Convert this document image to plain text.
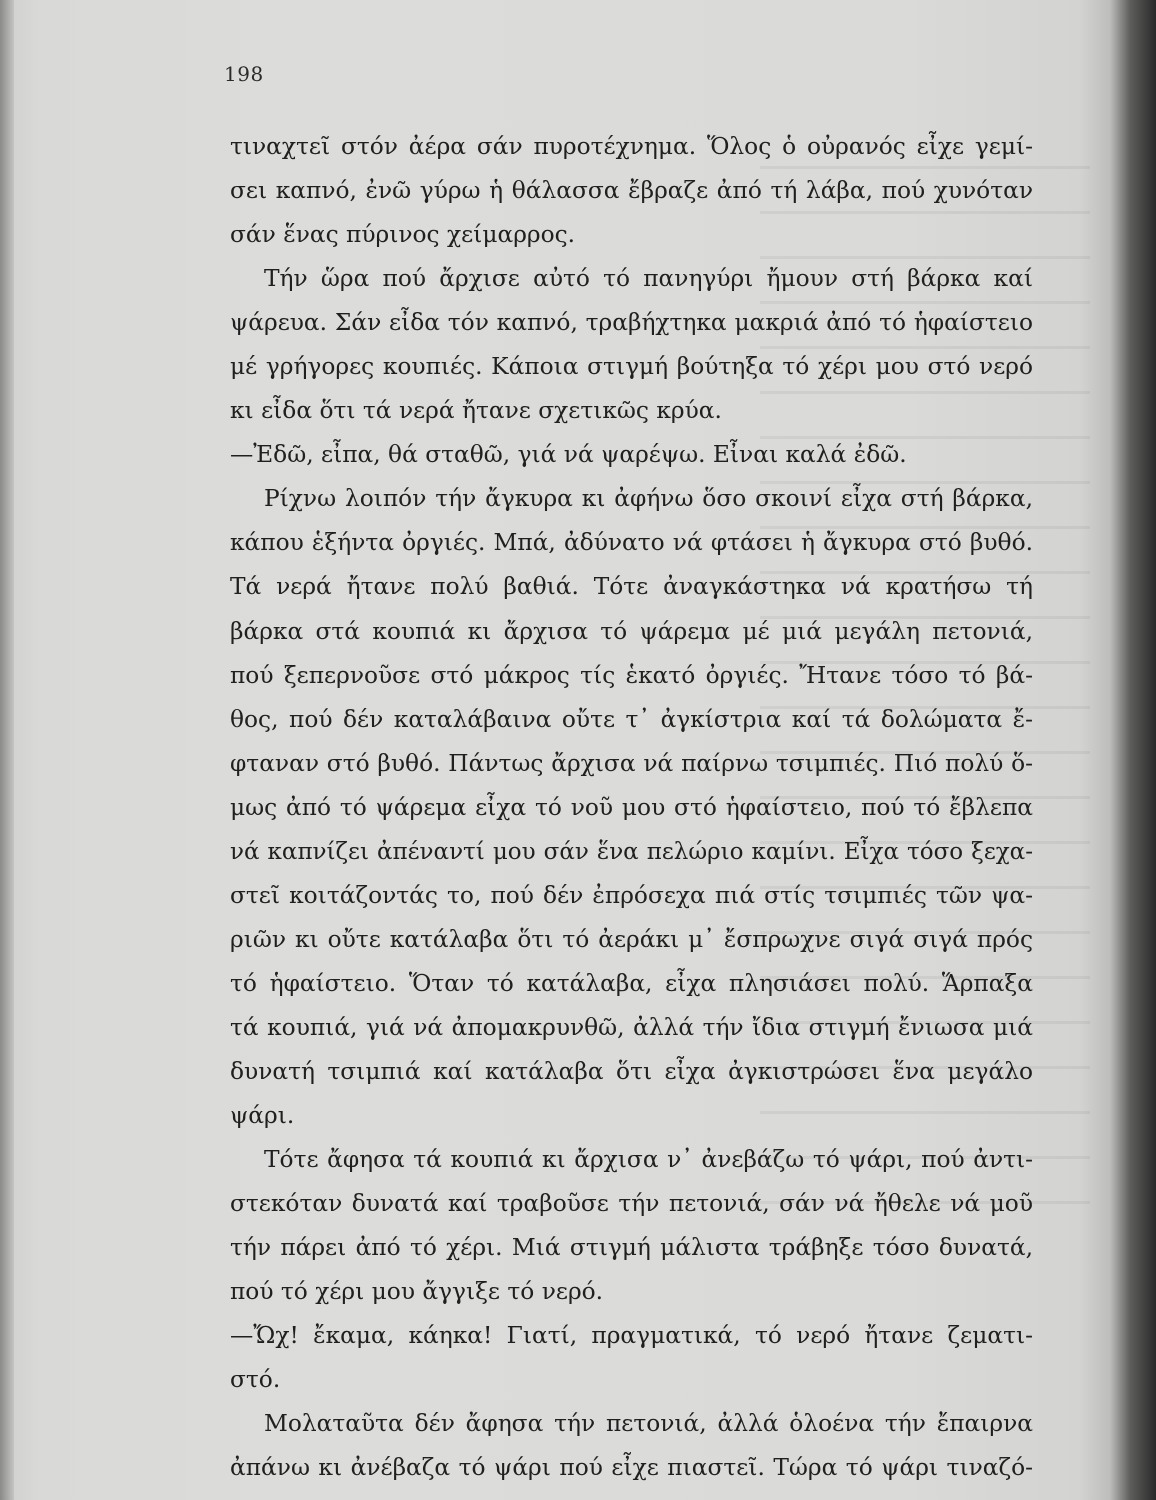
198
τιναχτεῖ στόν ἀέρα σάν πυροτέχνημα. Ὅλος ὁ οὐρανός εἶχε γεμί-
σει καπνό, ἐνῶ γύρω ἡ θάλασσα ἔβραζε ἀπό τή λάβα, πού χυνόταν
σάν ἕνας πύρινος χείμαρρος.
Τήν ὥρα πού ἄρχισε αὐτό τό πανηγύρι ἤμουν στή βάρκα καί
ψάρευα. Σάν εἶδα τόν καπνό, τραβήχτηκα μακριά ἀπό τό ἡφαίστειο
μέ γρήγορες κουπιές. Κάποια στιγμή βούτηξα τό χέρι μου στό νερό
κι εἶδα ὅτι τά νερά ἤτανε σχετικῶς κρύα.
—Ἐδῶ, εἶπα, θά σταθῶ, γιά νά ψαρέψω. Εἶναι καλά ἐδῶ.
Ρίχνω λοιπόν τήν ἄγκυρα κι ἀφήνω ὅσο σκοινί εἶχα στή βάρκα,
κάπου ἑξήντα ὀργιές. Μπά, ἀδύνατο νά φτάσει ἡ ἄγκυρα στό βυθό.
Τά νερά ἤτανε πολύ βαθιά. Τότε ἀναγκάστηκα νά κρατήσω τή
βάρκα στά κουπιά κι ἄρχισα τό ψάρεμα μέ μιά μεγάλη πετονιά,
πού ξεπερνοῦσε στό μάκρος τίς ἑκατό ὀργιές. Ἤτανε τόσο τό βά-
θος, πού δέν καταλάβαινα οὔτε τ᾽ ἀγκίστρια καί τά δολώματα ἔ-
φταναν στό βυθό. Πάντως ἄρχισα νά παίρνω τσιμπιές. Πιό πολύ ὅ-
μως ἀπό τό ψάρεμα εἶχα τό νοῦ μου στό ἡφαίστειο, πού τό ἔβλεπα
νά καπνίζει ἀπέναντί μου σάν ἕνα πελώριο καμίνι. Εἶχα τόσο ξεχα-
στεῖ κοιτάζοντάς το, πού δέν ἐπρόσεχα πιά στίς τσιμπιές τῶν ψα-
ριῶν κι οὔτε κατάλαβα ὅτι τό ἀεράκι μ᾽ ἔσπρωχνε σιγά σιγά πρός
τό ἡφαίστειο. Ὅταν τό κατάλαβα, εἶχα πλησιάσει πολύ. Ἅρπαξα
τά κουπιά, γιά νά ἀπομακρυνθῶ, ἀλλά τήν ἴδια στιγμή ἔνιωσα μιά
δυνατή τσιμπιά καί κατάλαβα ὅτι εἶχα ἀγκιστρώσει ἕνα μεγάλο
ψάρι.
Τότε ἄφησα τά κουπιά κι ἄρχισα ν᾽ ἀνεβάζω τό ψάρι, πού ἀντι-
στεκόταν δυνατά καί τραβοῦσε τήν πετονιά, σάν νά ἤθελε νά μοῦ
τήν πάρει ἀπό τό χέρι. Μιά στιγμή μάλιστα τράβηξε τόσο δυνατά,
πού τό χέρι μου ἄγγιξε τό νερό.
—Ὤχ! ἔκαμα, κάηκα! Γιατί, πραγματικά, τό νερό ἤτανε ζεματι-
στό.
Μολαταῦτα δέν ἄφησα τήν πετονιά, ἀλλά ὁλοένα τήν ἔπαιρνα
ἀπάνω κι ἀνέβαζα τό ψάρι πού εἶχε πιαστεῖ. Τώρα τό ψάρι τιναζό-
